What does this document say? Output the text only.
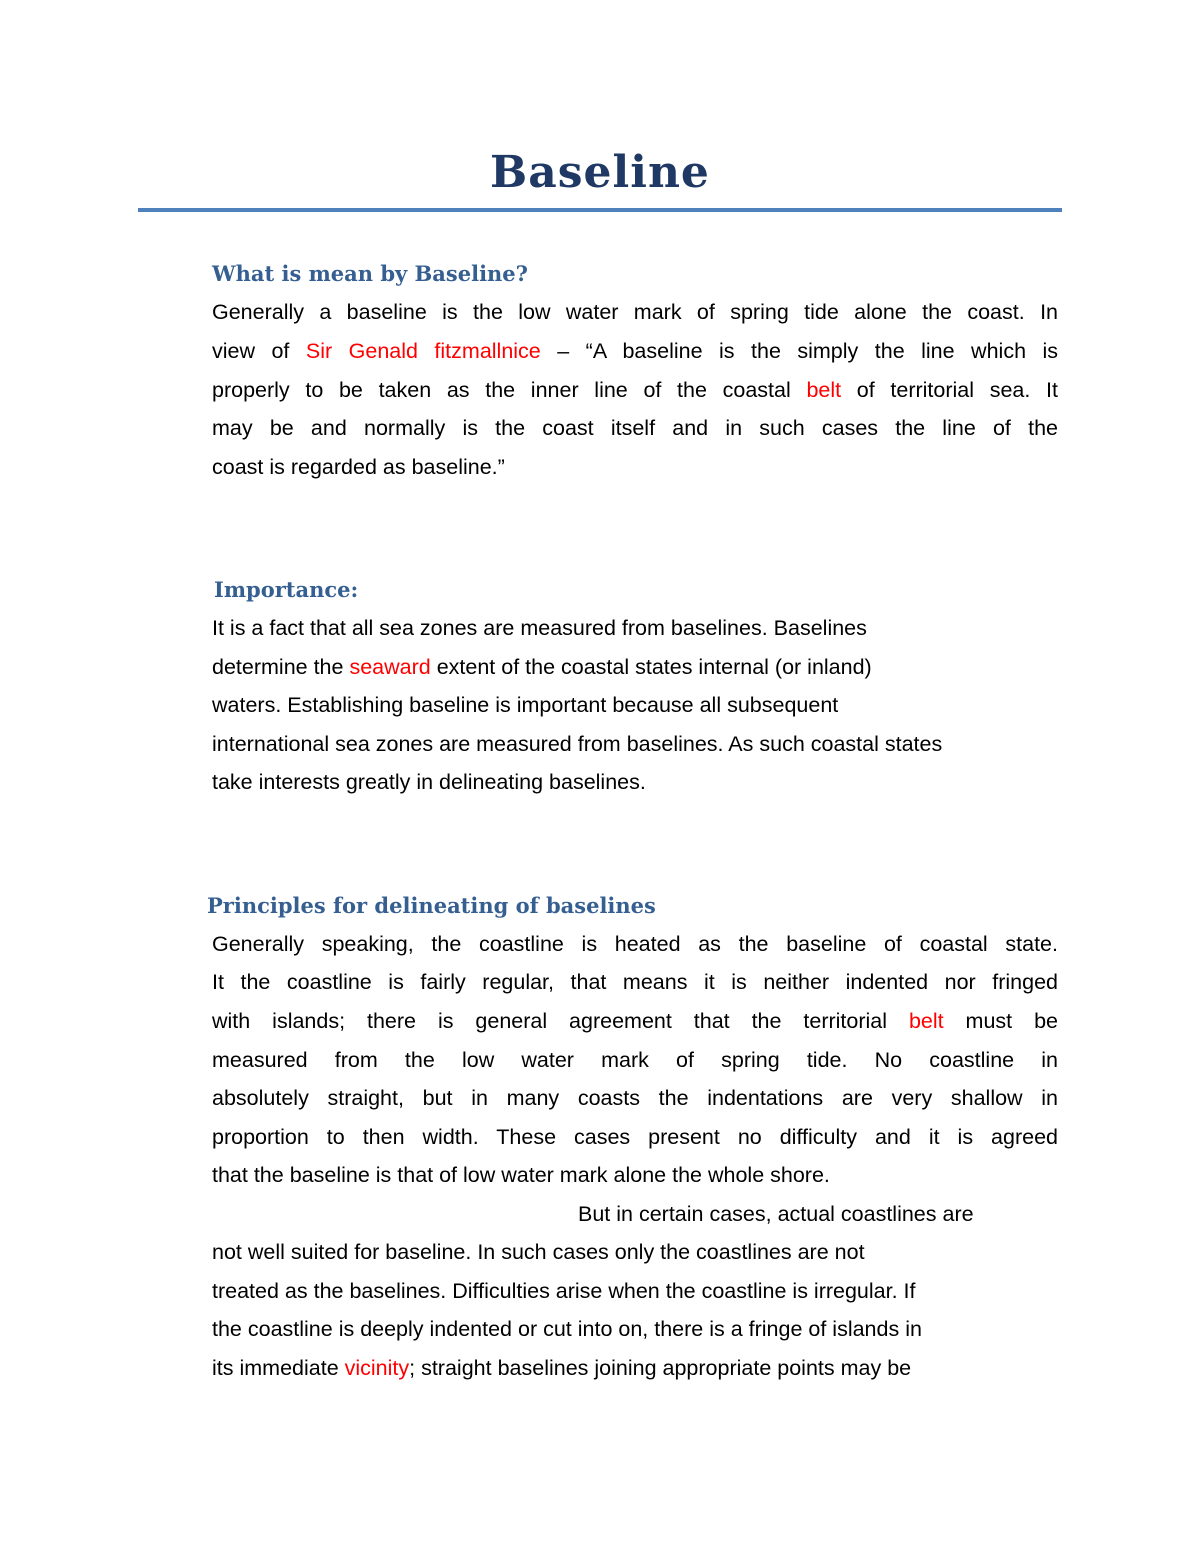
Baseline
What is mean by Baseline?

Generally a baseline is the low water mark of spring tide alone the coast. In

view of Sir Genald fitzmallnice – “A baseline is the simply the line which is

properly to be taken as the inner line of the coastal belt of territorial sea. It

may be and normally is the coast itself and in such cases the line of the

coast is regarded as baseline.”

Importance:

It is a fact that all sea zones are measured from baselines. Baselines

determine the seaward extent of the coastal states internal (or inland)

waters. Establishing baseline is important because all subsequent

international sea zones are measured from baselines. As such coastal states

take interests greatly in delineating baselines.

Principles for delineating of baselines

Generally speaking, the coastline is heated as the baseline of coastal state.

It the coastline is fairly regular, that means it is neither indented nor fringed

with islands; there is general agreement that the territorial belt must be

measured from the low water mark of spring tide. No coastline in

absolutely straight, but in many coasts the indentations are very shallow in

proportion to then width. These cases present no difficulty and it is agreed

that the baseline is that of low water mark alone the whole shore.

But in certain cases, actual coastlines are

not well suited for baseline. In such cases only the coastlines are not

treated as the baselines. Difficulties arise when the coastline is irregular. If

the coastline is deeply indented or cut into on, there is a fringe of islands in

its immediate vicinity; straight baselines joining appropriate points may be
